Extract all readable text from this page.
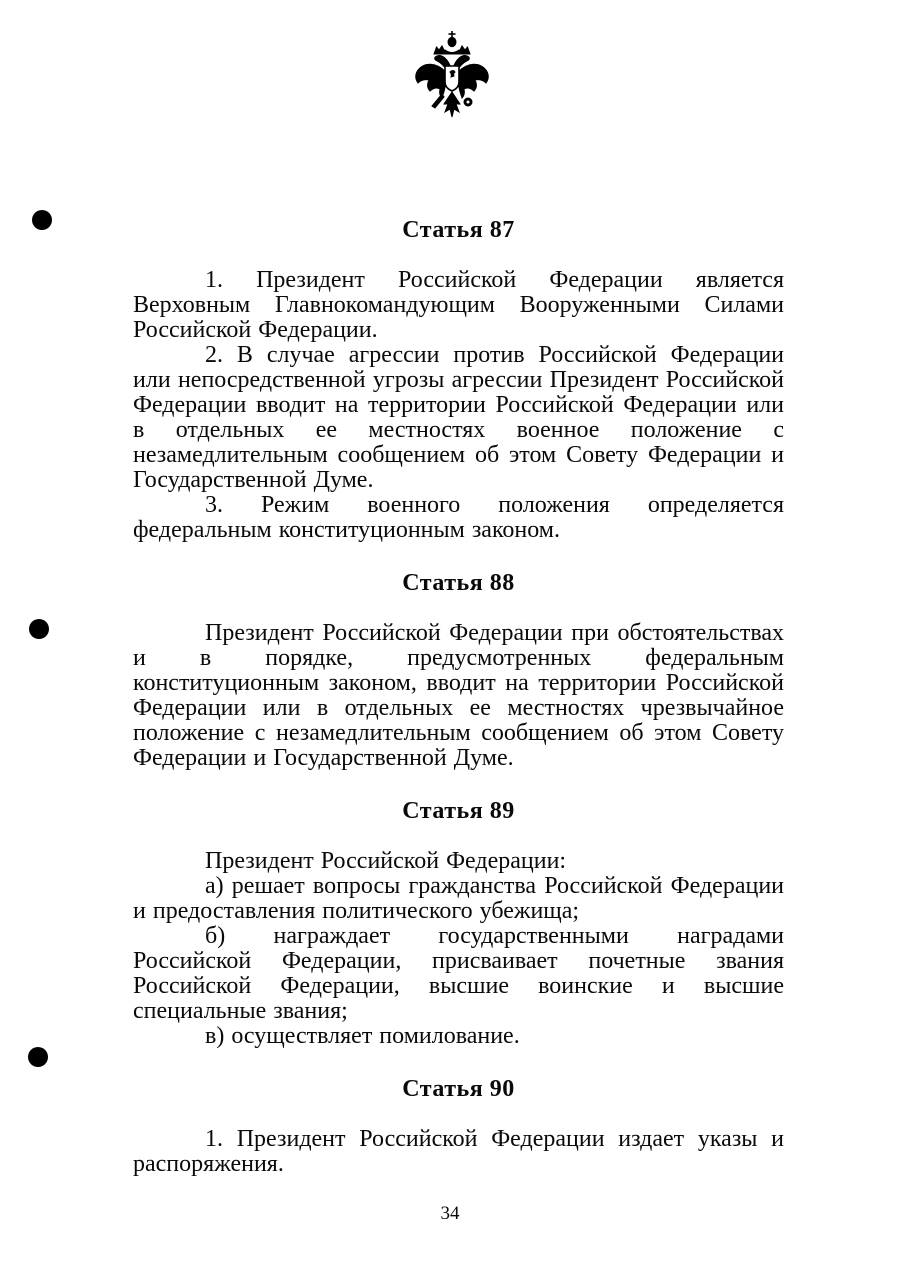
Статья 87

1. Президент Российской Федерации является Верховным Главнокомандующим Вооруженными Силами Российской Федерации.

2. В случае агрессии против Российской Федерации или непосредственной угрозы агрессии Президент Российской Федерации вводит на территории Российской Федерации или в отдельных ее местностях военное положение с незамедлительным сообщением об этом Совету Федерации и Государственной Думе.

3. Режим военного положения определяется федеральным конституционным законом.

Статья 88

Президент Российской Федерации при обстоятельствах и в порядке, предусмотренных федеральным конституционным законом, вводит на территории Российской Федерации или в отдельных ее местностях чрезвычайное положение с незамедлительным сообщением об этом Совету Федерации и Государственной Думе.

Статья 89

Президент Российской Федерации:

а) решает вопросы гражданства Российской Федерации и предоставления политического убежища;

б) награждает государственными наградами Российской Федерации, присваивает почетные звания Российской Федерации, высшие воинские и высшие специальные звания;

в) осуществляет помилование.

Статья 90

1. Президент Российской Федерации издает указы и распоряжения.

34
